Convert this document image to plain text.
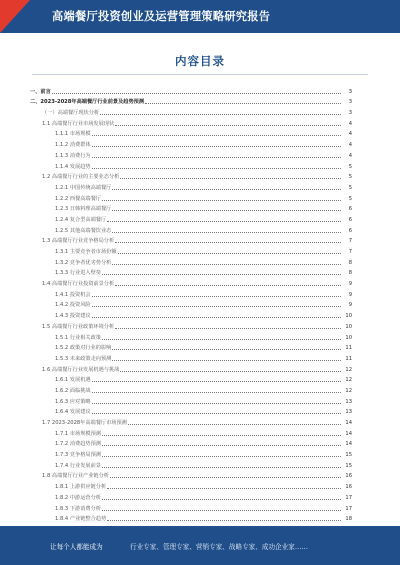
高端餐厅投资创业及运营管理策略研究报告
内容目录
一、前言	3
二、2023-2028年高端餐厅行业前景及趋势预测	3
（一）高端餐厅现状分析	3
1.1 高端餐厅行业市场发展现状	4
1.1.1 市场规模	4
1.1.2 消费群体	4
1.1.3 消费行为	4
1.1.4 发展趋势	5
1.2 高端餐厅行业的主要业态分析	5
1.2.1 中国传统高端餐厅	5
1.2.2 西餐高端餐厅	5
1.2.3 日韩料理高端餐厅	6
1.2.4 复合型高端餐厅	6
1.2.5 其他高端餐饮业态	6
1.3 高端餐厅行业竞争格局分析	7
1.3.1 主要竞争者市场份额	7
1.3.2 竞争者优劣势分析	8
1.3.3 行业进入壁垒	8
1.4 高端餐厅行业投资前景分析	9
1.4.1 投资机会	9
1.4.2 投资风险	9
1.4.3 投资建议	10
1.5 高端餐厅行业政策环境分析	10
1.5.1 行业相关政策	10
1.5.2 政策对行业的影响	11
1.5.3 未来政策走向预测	11
1.6 高端餐厅行业发展机遇与挑战	12
1.6.1 发展机遇	12
1.6.2 面临挑战	12
1.6.3 应对策略	13
1.6.4 发展建议	13
1.7 2023-2028年高端餐厅市场预测	14
1.7.1 市场规模预测	14
1.7.2 消费趋势预测	14
1.7.3 竞争格局预测	15
1.7.4 行业发展前景	15
1.8 高端餐厅行业产业链分析	16
1.8.1 上游供应链分析	16
1.8.2 中游运营分析	17
1.8.3 下游消费分析	17
1.8.4 产业链整合趋势	18
让每个人都能成为	行业专家、管理专家、营销专家、战略专家、成功企业家……
